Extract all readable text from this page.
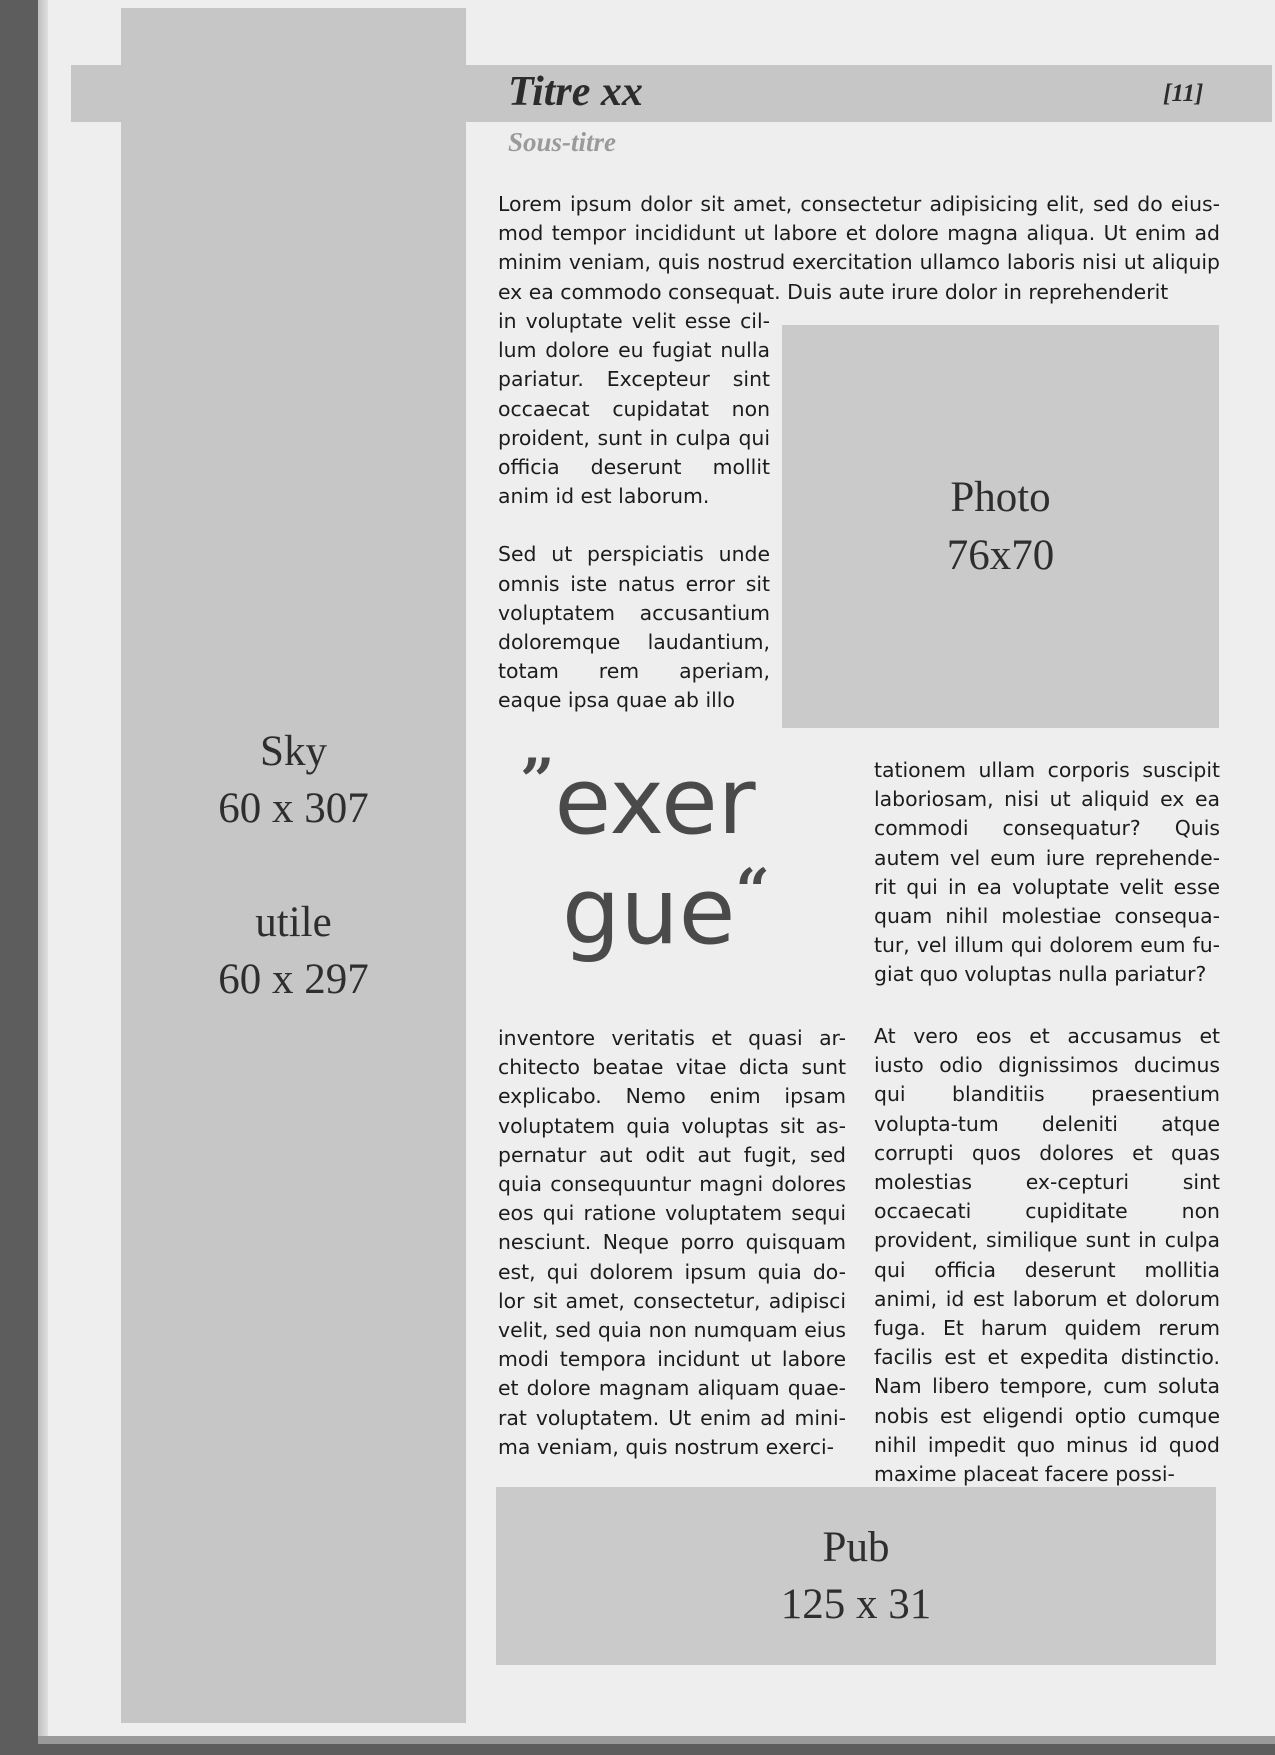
Sky
60 x 307
utile
60 x 297
Titre xx	[11]
Sous-titre
Lorem ipsum dolor sit amet, consectetur adipisicing elit, sed do eius-mod tempor incididunt ut labore et dolore magna aliqua. Ut enim ad minim veniam, quis nostrud exercitation ullamco laboris nisi ut aliquip ex ea commodo consequat. Duis aute irure dolor in reprehenderit

in voluptate velit esse cil-lum dolore eu fugiat nulla pariatur. Excepteur sint occaecat cupidatat non proident, sunt in culpa qui officia deserunt mollit anim id est laborum.

Sed ut perspiciatis unde omnis iste natus error sit voluptatem accusantium doloremque laudantium, totam rem aperiam, eaque ipsa quae ab illo

Photo
76x70
”exer
gue“
tationem ullam corporis suscipit laboriosam, nisi ut aliquid ex ea commodi consequatur? Quis autem vel eum iure reprehende-rit qui in ea voluptate velit esse quam nihil molestiae consequa-tur, vel illum qui dolorem eum fu-giat quo voluptas nulla pariatur?
inventore veritatis et quasi ar-chitecto beatae vitae dicta sunt explicabo. Nemo enim ipsam voluptatem quia voluptas sit as-pernatur aut odit aut fugit, sed quia consequuntur magni dolores eos qui ratione voluptatem sequi nesciunt. Neque porro quisquam est, qui dolorem ipsum quia do-lor sit amet, consectetur, adipisci velit, sed quia non numquam eius modi tempora incidunt ut labore et dolore magnam aliquam quae-rat voluptatem. Ut enim ad mini-ma veniam, quis nostrum exerci-
At vero eos et accusamus et iusto odio dignissimos ducimus qui blanditiis praesentium volupta-tum deleniti atque corrupti quos dolores et quas molestias ex-cepturi sint occaecati cupiditate non provident, similique sunt in culpa qui officia deserunt mollitia animi, id est laborum et dolorum fuga. Et harum quidem rerum facilis est et expedita distinctio. Nam libero tempore, cum soluta nobis est eligendi optio cumque nihil impedit quo minus id quod maxime placeat facere possi-
Pub
125 x 31
